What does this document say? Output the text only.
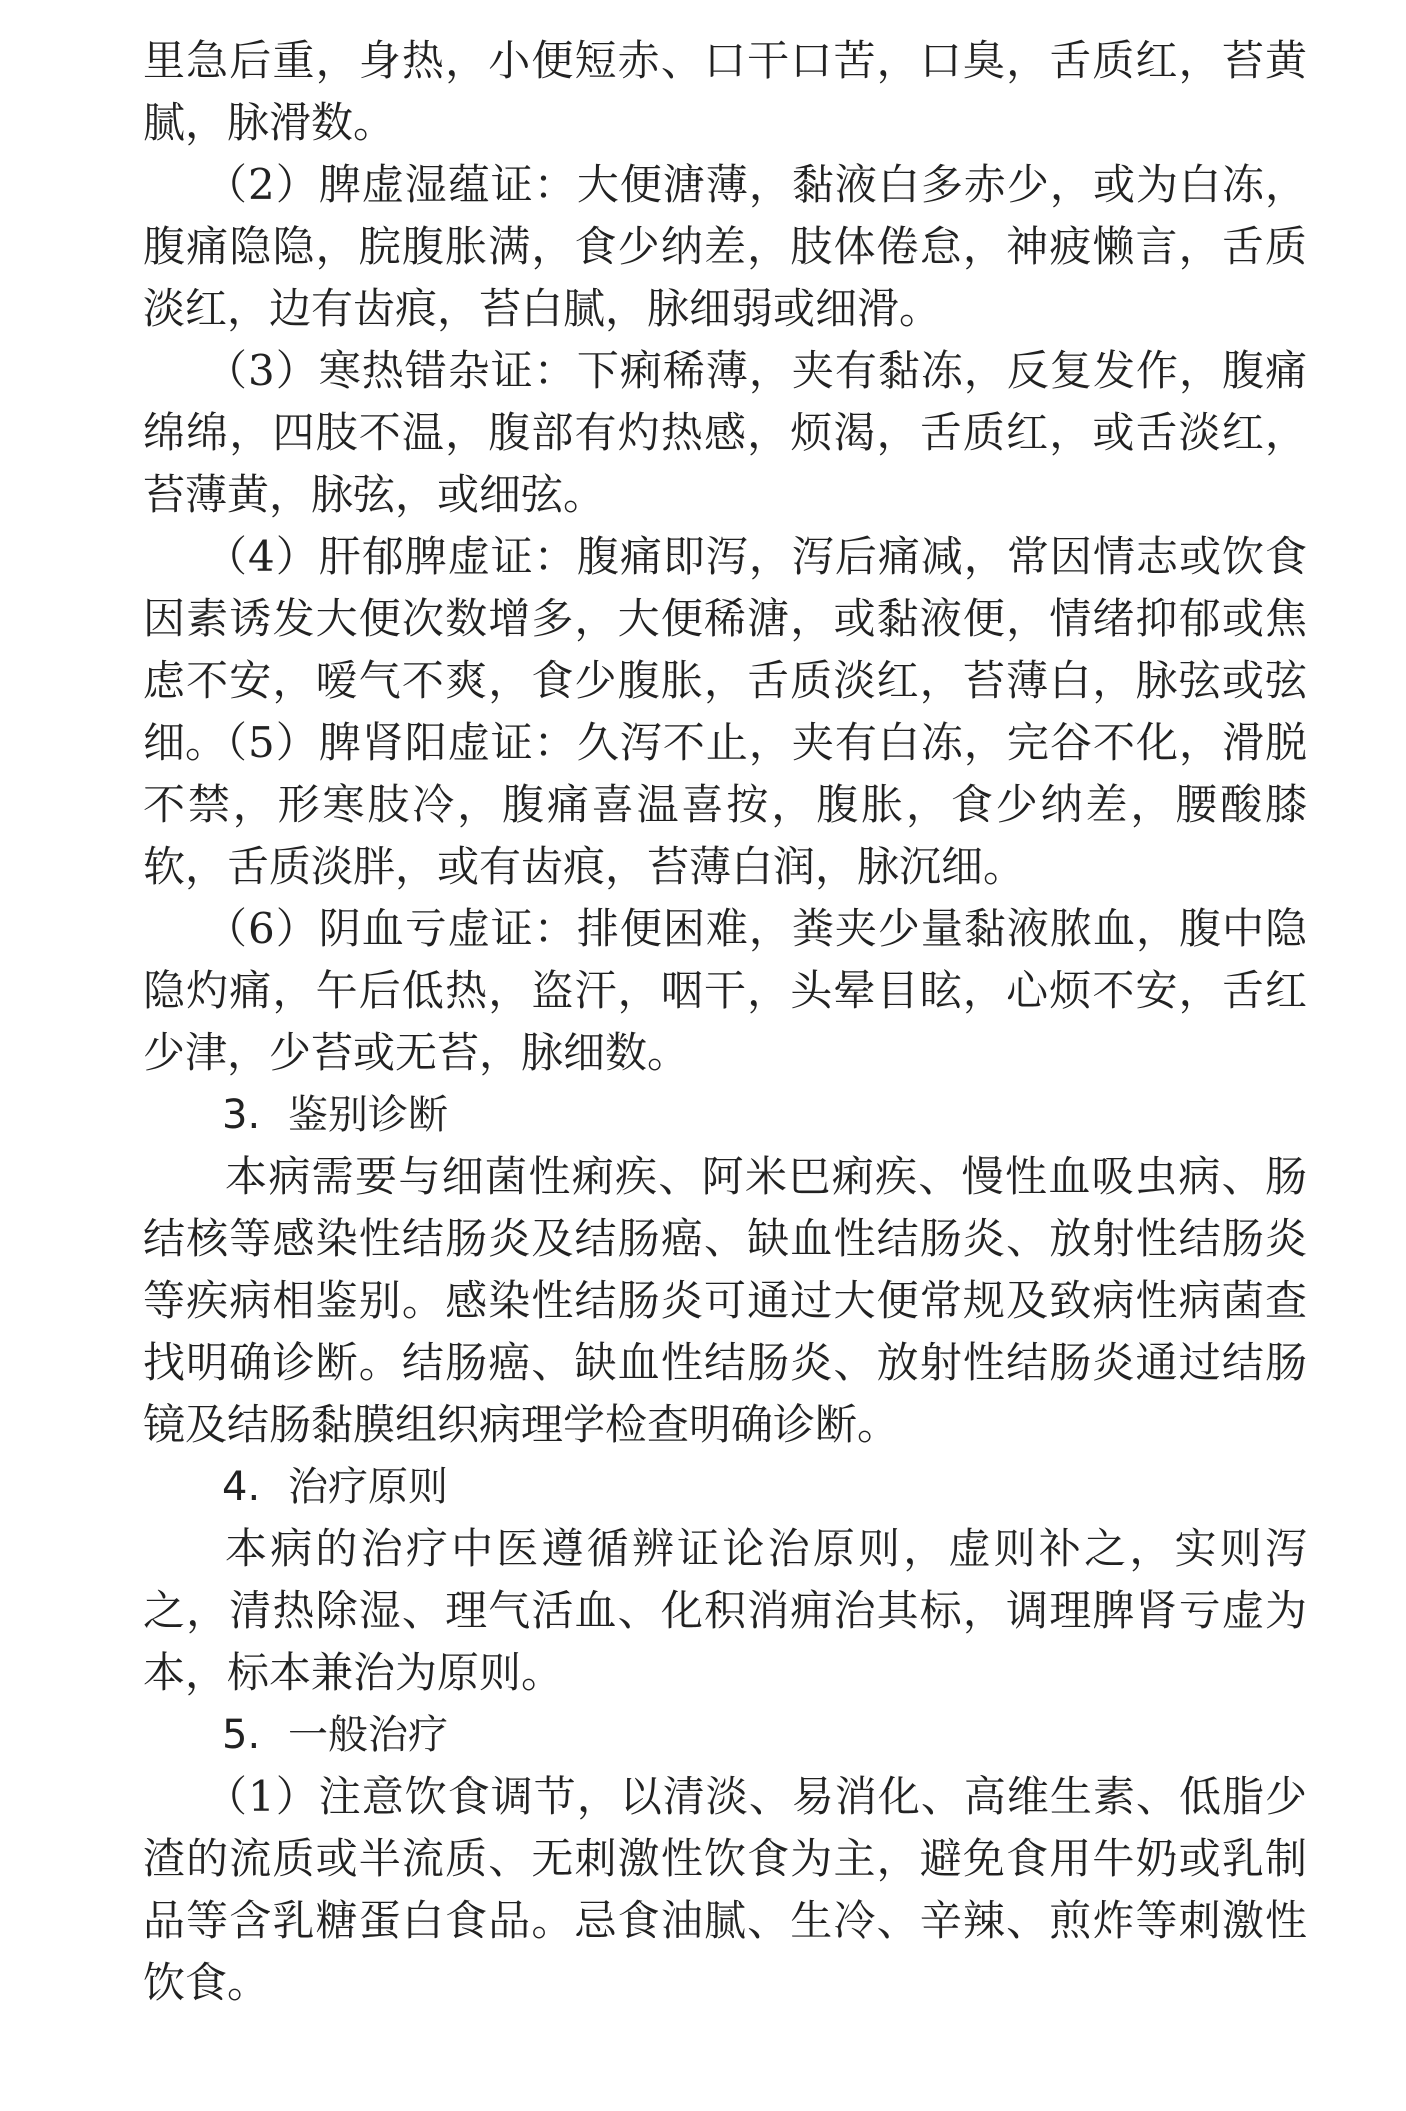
里急后重，身热，小便短赤、口干口苦，口臭，舌质红，苔黄腻，脉滑数。

（2）脾虚湿蕴证：大便溏薄，黏液白多赤少，或为白冻，腹痛隐隐，脘腹胀满，食少纳差，肢体倦怠，神疲懒言，舌质淡红，边有齿痕，苔白腻，脉细弱或细滑。

（3）寒热错杂证：下痢稀薄，夹有黏冻，反复发作，腹痛绵绵，四肢不温，腹部有灼热感，烦渴，舌质红，或舌淡红，苔薄黄，脉弦，或细弦。

（4）肝郁脾虚证：腹痛即泻，泻后痛减，常因情志或饮食因素诱发大便次数增多，大便稀溏，或黏液便，情绪抑郁或焦虑不安，嗳气不爽，食少腹胀，舌质淡红，苔薄白，脉弦或弦细。

（5）脾肾阳虚证：久泻不止，夹有白冻，完谷不化，滑脱不禁，形寒肢冷，腹痛喜温喜按，腹胀，食少纳差，腰酸膝软，舌质淡胖，或有齿痕，苔薄白润，脉沉细。

（6）阴血亏虚证：排便困难，粪夹少量黏液脓血，腹中隐隐灼痛，午后低热，盗汗，咽干，头晕目眩，心烦不安，舌红少津，少苔或无苔，脉细数。

3. 鉴别诊断

本病需要与细菌性痢疾、阿米巴痢疾、慢性血吸虫病、肠结核等感染性结肠炎及结肠癌、缺血性结肠炎、放射性结肠炎等疾病相鉴别。感染性结肠炎可通过大便常规及致病性病菌查找明确诊断。结肠癌、缺血性结肠炎、放射性结肠炎通过结肠镜及结肠黏膜组织病理学检查明确诊断。

4. 治疗原则

本病的治疗中医遵循辨证论治原则，虚则补之，实则泻之，清热除湿、理气活血、化积消痈治其标，调理脾肾亏虚为本，标本兼治为原则。

5. 一般治疗

（1）注意饮食调节，以清淡、易消化、高维生素、低脂少渣的流质或半流质、无刺激性饮食为主，避免食用牛奶或乳制品等含乳糖蛋白食品。忌食油腻、生冷、辛辣、煎炸等刺激性饮食。
